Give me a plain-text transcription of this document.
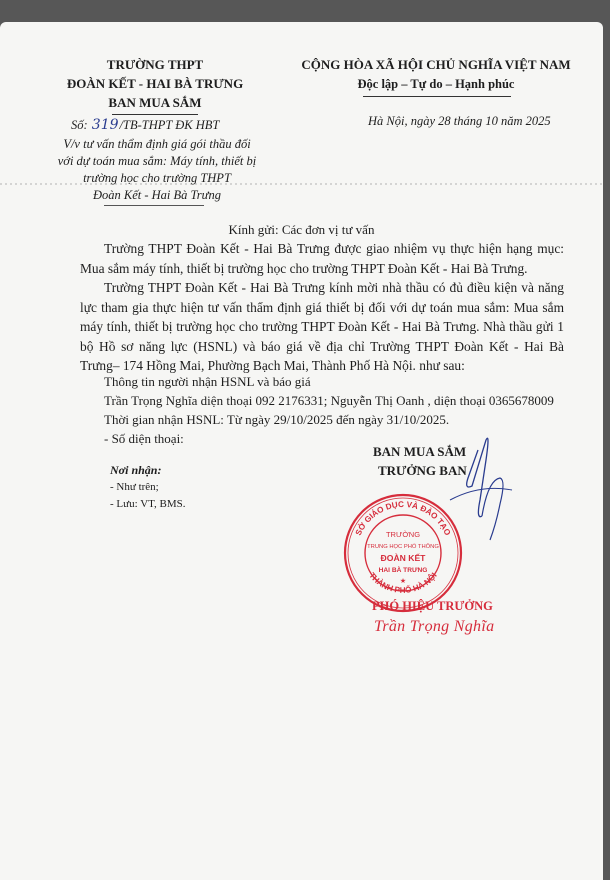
TRƯỜNG THPT
ĐOÀN KẾT - HAI BÀ TRƯNG
BAN MUA SẮM
Số: 319/TB-THPT ĐK HBT
V/v tư vấn thẩm định giá gói thầu đối
với dự toán mua sắm: Máy tính, thiết bị
trường học cho trường THPT
Đoàn Kết - Hai Bà Trưng
CỘNG HÒA XÃ HỘI CHỦ NGHĨA VIỆT NAM
Độc lập – Tự do – Hạnh phúc
Hà Nội, ngày 28 tháng 10 năm 2025
Kính gửi: Các đơn vị tư vấn
Trường THPT Đoàn Kết - Hai Bà Trưng được giao nhiệm vụ thực hiện hạng mục: Mua sắm máy tính, thiết bị trường học cho trường THPT Đoàn Kết - Hai Bà Trưng.
Trường THPT Đoàn Kết - Hai Bà Trưng kính mời nhà thầu có đủ điều kiện và năng lực tham gia thực hiện tư vấn thẩm định giá thiết bị đối với dự toán mua sắm: Mua sắm máy tính, thiết bị trường học cho trường THPT Đoàn Kết - Hai Bà Trưng. Nhà thầu gửi 1 bộ Hồ sơ năng lực (HSNL) và báo giá về địa chỉ Trường THPT Đoàn Kết - Hai Bà Trưng– 174 Hồng Mai, Phường Bạch Mai, Thành Phố Hà Nội. như sau:
Thông tin người nhận HSNL và báo giá
Trần Trọng Nghĩa diện thoại 092 2176331; Nguyễn Thị Oanh , diện thoại 0365678009
Thời gian nhận HSNL: Từ ngày 29/10/2025 đến ngày 31/10/2025.
- Số diện thoại:
Nơi nhận:
- Như trên;
- Lưu: VT, BMS.
BAN MUA SẮM
TRƯỞNG BAN
SỞ GIÁO DỤC VÀ ĐÀO TẠO
THÀNH PHỐ HÀ NỘI
TRƯỜNG
TRUNG HỌC PHỔ THÔNG
ĐOÀN KẾT
HAI BÀ TRƯNG
★
PHÓ HIỆU TRƯỞNG
Trần Trọng Nghĩa
